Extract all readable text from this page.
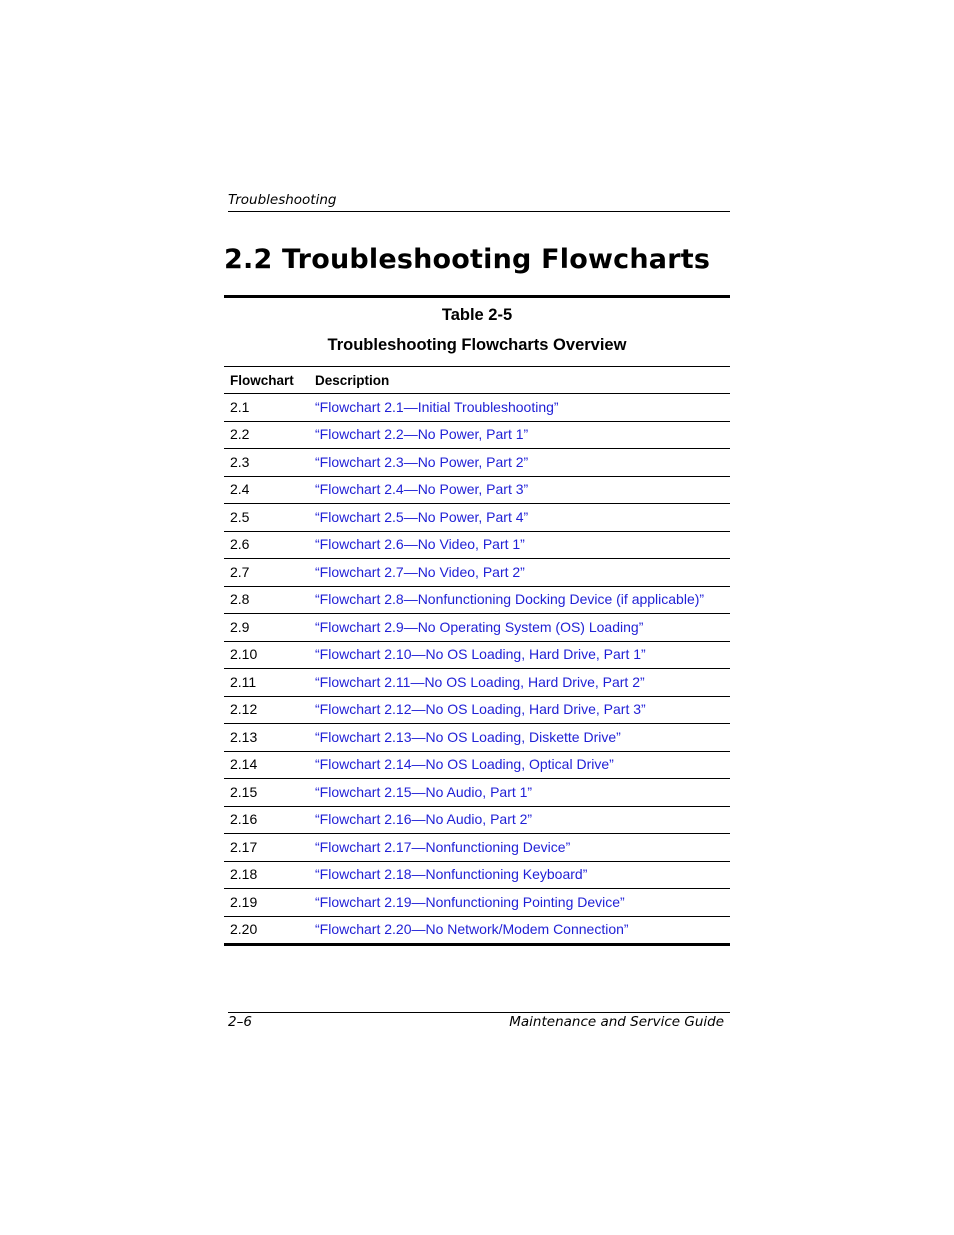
Troubleshooting
2.2 Troubleshooting Flowcharts
Table 2-5
Troubleshooting Flowcharts Overview
Flowchart	Description
2.1	“Flowchart 2.1—Initial Troubleshooting”
2.2	“Flowchart 2.2—No Power, Part 1”
2.3	“Flowchart 2.3—No Power, Part 2”
2.4	“Flowchart 2.4—No Power, Part 3”
2.5	“Flowchart 2.5—No Power, Part 4”
2.6	“Flowchart 2.6—No Video, Part 1”
2.7	“Flowchart 2.7—No Video, Part 2”
2.8	“Flowchart 2.8—Nonfunctioning Docking Device (if applicable)”
2.9	“Flowchart 2.9—No Operating System (OS) Loading”
2.10	“Flowchart 2.10—No OS Loading, Hard Drive, Part 1”
2.11	“Flowchart 2.11—No OS Loading, Hard Drive, Part 2”
2.12	“Flowchart 2.12—No OS Loading, Hard Drive, Part 3”
2.13	“Flowchart 2.13—No OS Loading, Diskette Drive”
2.14	“Flowchart 2.14—No OS Loading, Optical Drive”
2.15	“Flowchart 2.15—No Audio, Part 1”
2.16	“Flowchart 2.16—No Audio, Part 2”
2.17	“Flowchart 2.17—Nonfunctioning Device”
2.18	“Flowchart 2.18—Nonfunctioning Keyboard”
2.19	“Flowchart 2.19—Nonfunctioning Pointing Device”
2.20	“Flowchart 2.20—No Network/Modem Connection”
2–6	Maintenance and Service Guide
